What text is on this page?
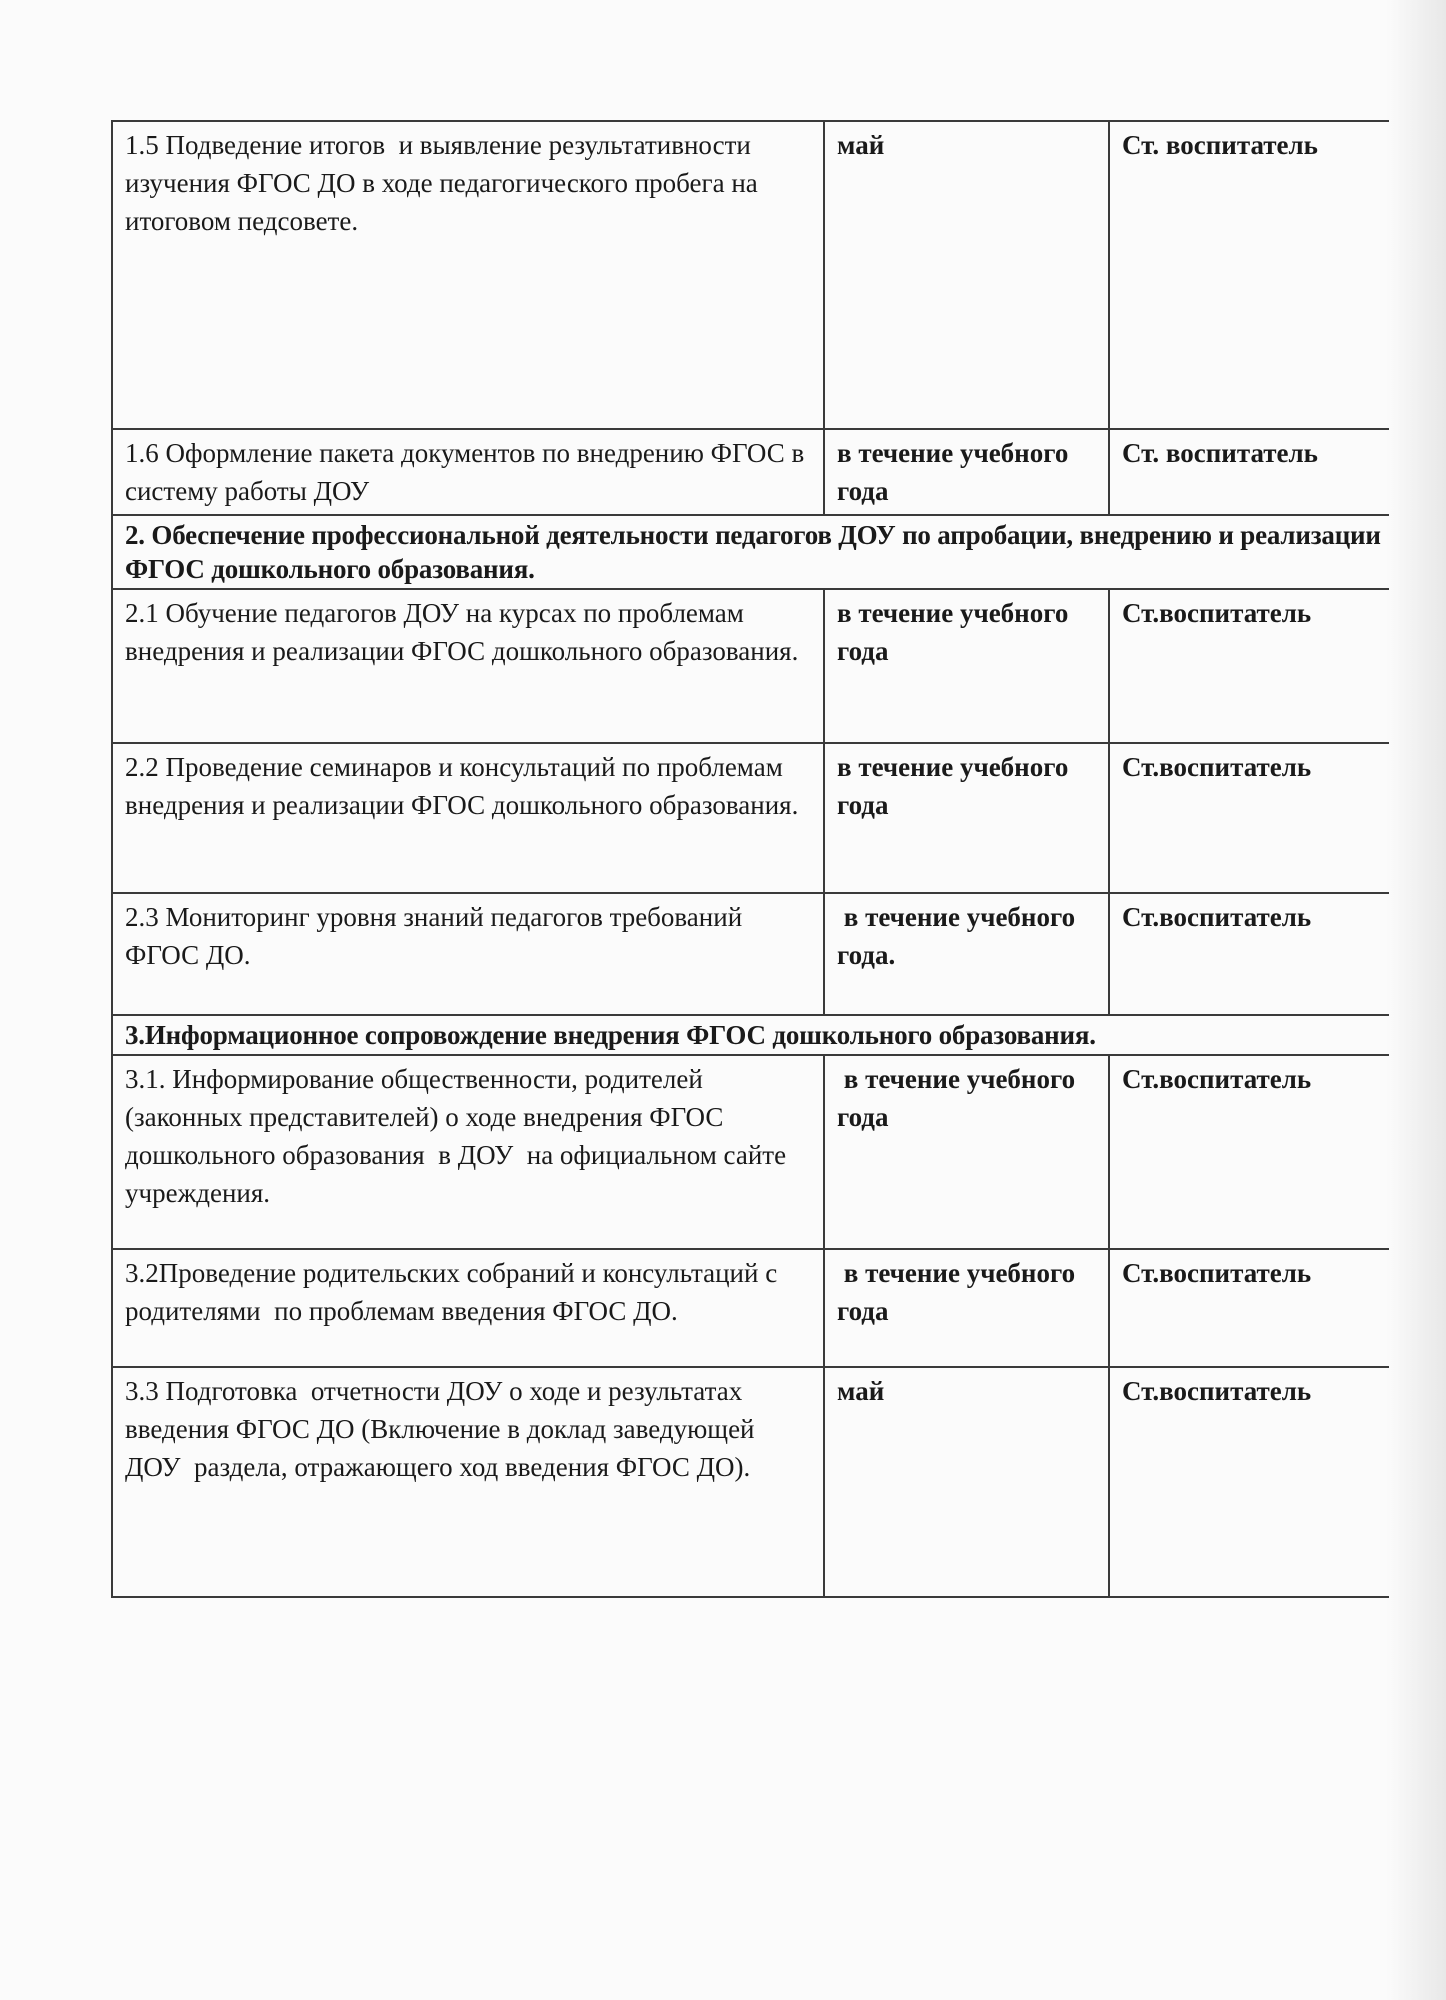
1.5 Подведение итогов  и выявление результативности изучения ФГОС ДО в ходе педагогического пробега на итоговом педсовете.	май	Ст. воспитатель
1.6 Оформление пакета документов по внедрению ФГОС в систему работы ДОУ	в течение учебного года	Ст. воспитатель
2. Обеспечение профессиональной деятельности педагогов ДОУ по апробации, внедрению и реализации ФГОС дошкольного образования.		
2.1 Обучение педагогов ДОУ на курсах по проблемам внедрения и реализации ФГОС дошкольного образования.	в течение учебного года	Ст.воспитатель
2.2 Проведение семинаров и консультаций по проблемам внедрения и реализации ФГОС дошкольного образования.	в течение учебного года	Ст.воспитатель
2.3 Мониторинг уровня знаний педагогов требований ФГОС ДО.	в течение учебного года.	Ст.воспитатель
3.Информационное сопровождение внедрения ФГОС дошкольного образования.		
3.1. Информирование общественности, родителей (законных представителей) о ходе внедрения ФГОС дошкольного образования  в ДОУ  на официальном сайте учреждения.	в течение учебного года	Ст.воспитатель
3.2Проведение родительских собраний и консультаций с родителями  по проблемам введения ФГОС ДО.	в течение учебного года	Ст.воспитатель
3.3 Подготовка  отчетности ДОУ о ходе и результатах введения ФГОС ДО (Включение в доклад заведующей ДОУ  раздела, отражающего ход введения ФГОС ДО).	май	Ст.воспитатель
